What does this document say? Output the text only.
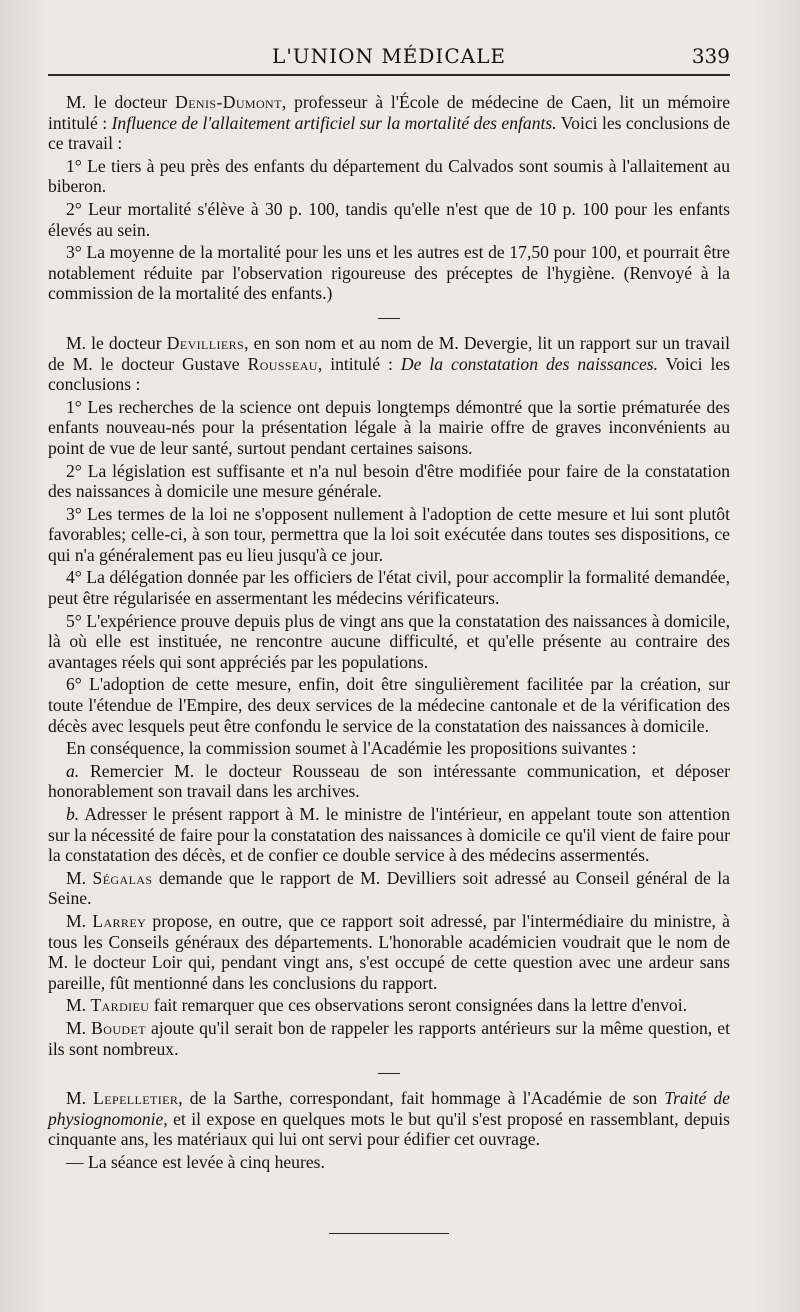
L'UNION MÉDICALE	339

M. le docteur Denis-Dumont, professeur à l'École de médecine de Caen, lit un mémoire intitulé : Influence de l'allaitement artificiel sur la mortalité des enfants. Voici les conclusions de ce travail :

1° Le tiers à peu près des enfants du département du Calvados sont soumis à l'allaitement au biberon.

2° Leur mortalité s'élève à 30 p. 100, tandis qu'elle n'est que de 10 p. 100 pour les enfants élevés au sein.

3° La moyenne de la mortalité pour les uns et les autres est de 17,50 pour 100, et pourrait être notablement réduite par l'observation rigoureuse des préceptes de l'hygiène. (Renvoyé à la commission de la mortalité des enfants.)

M. le docteur Devilliers, en son nom et au nom de M. Devergie, lit un rapport sur un travail de M. le docteur Gustave Rousseau, intitulé : De la constatation des naissances. Voici les conclusions :

1° Les recherches de la science ont depuis longtemps démontré que la sortie prématurée des enfants nouveau-nés pour la présentation légale à la mairie offre de graves inconvénients au point de vue de leur santé, surtout pendant certaines saisons.

2° La législation est suffisante et n'a nul besoin d'être modifiée pour faire de la constatation des naissances à domicile une mesure générale.

3° Les termes de la loi ne s'opposent nullement à l'adoption de cette mesure et lui sont plutôt favorables; celle-ci, à son tour, permettra que la loi soit exécutée dans toutes ses dispositions, ce qui n'a généralement pas eu lieu jusqu'à ce jour.

4° La délégation donnée par les officiers de l'état civil, pour accomplir la formalité demandée, peut être régularisée en assermentant les médecins vérificateurs.

5° L'expérience prouve depuis plus de vingt ans que la constatation des naissances à domicile, là où elle est instituée, ne rencontre aucune difficulté, et qu'elle présente au contraire des avantages réels qui sont appréciés par les populations.

6° L'adoption de cette mesure, enfin, doit être singulièrement facilitée par la création, sur toute l'étendue de l'Empire, des deux services de la médecine cantonale et de la vérification des décès avec lesquels peut être confondu le service de la constatation des naissances à domicile.

En conséquence, la commission soumet à l'Académie les propositions suivantes :

a. Remercier M. le docteur Rousseau de son intéressante communication, et déposer honorablement son travail dans les archives.

b. Adresser le présent rapport à M. le ministre de l'intérieur, en appelant toute son attention sur la nécessité de faire pour la constatation des naissances à domicile ce qu'il vient de faire pour la constatation des décès, et de confier ce double service à des médecins assermentés.

M. Ségalas demande que le rapport de M. Devilliers soit adressé au Conseil général de la Seine.

M. Larrey propose, en outre, que ce rapport soit adressé, par l'intermédiaire du ministre, à tous les Conseils généraux des départements. L'honorable académicien voudrait que le nom de M. le docteur Loir qui, pendant vingt ans, s'est occupé de cette question avec une ardeur sans pareille, fût mentionné dans les conclusions du rapport.

M. Tardieu fait remarquer que ces observations seront consignées dans la lettre d'envoi.

M. Boudet ajoute qu'il serait bon de rappeler les rapports antérieurs sur la même question, et ils sont nombreux.

M. Lepelletier, de la Sarthe, correspondant, fait hommage à l'Académie de son Traité de physiognomonie, et il expose en quelques mots le but qu'il s'est proposé en rassemblant, depuis cinquante ans, les matériaux qui lui ont servi pour édifier cet ouvrage.

— La séance est levée à cinq heures.
